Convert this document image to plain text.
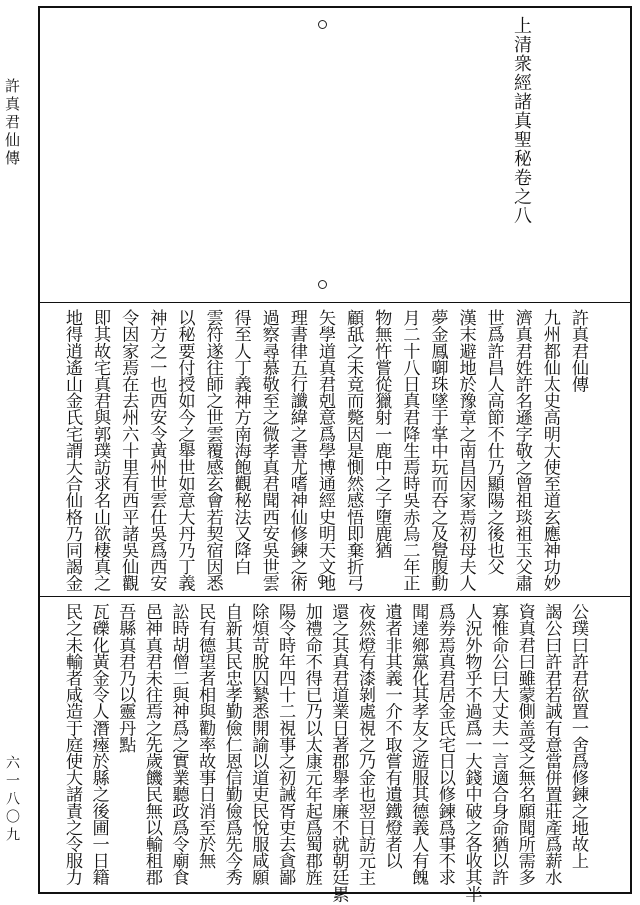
許真君仙傳
六一八〇九
上清衆經諸真聖秘卷之八
許真君仙傳
九州都仙太史高明大使至道玄應神功妙
濟真君姓許名遜字敬之曾祖琰祖玉父肅
世爲許昌人高節不仕乃顯陽之後也父
漢末避地於豫章之南昌因家焉初母夫人
夢金鳳啣珠墜于掌中玩而吞之及覺腹動
月二十八日真君降生焉時吳赤烏二年正
物無忤嘗從獵射一鹿中之子墮鹿猶
顧舐之未竟而斃因是惻然感悟即棄折弓
矢學道真君剋意爲學博通經史明天文地
理書律五行讖緯之書尤嗜神仙修鍊之術
過察尋慕敬至之微孝真君聞西安吳世雲
得至人丁義神方南海飽觀秘法又降白
雲符遂往師之世雲覆感玄會若契宿因悉
以秘要付授如今之舉世如意大丹乃丁義
神方之一也西安令黃州世雲仕吳爲西安
令因家焉在去州六十里有西平諸吳仙觀
即其故宅真君與郭璞訪求名山欲棲真之
地得逍遙山金氏宅謂大合仙格乃同謁金
公璞曰許君欲置一舍爲修鍊之地故上
謁公曰許君若誠有意當併置莊產爲薪水
資真君曰雖蒙側盖受之無名願聞所需多
寡惟命公曰大丈夫一言適合身命猶以許
人況外物乎不過爲一大錢中破之各收其半
爲券焉真君居金氏宅日以修鍊爲事不求
聞達鄉黨化其孝友之遊服其德義人有餽
遺者非其義一介不取嘗有遺鐵燈者以
夜然燈有漆剝處視之乃金也翌日訪元主
還之其真君道業日著郡舉孝廉不就朝廷累
加禮命不得已乃以太康元年起爲蜀郡旌
陽令時年四十二視事之初誡胥吏去貪鄙
除煩苛脫囚縶悉開諭以道吏民悅服咸願
自新其民忠孝勤儉仁恩信勤儉爲先今秀
民有德望者相與勸率故事日消至於無
訟時胡僧二與神爲之實業聽政爲令廟食
邑神真君未往焉之先歲饑民無以輸租郡
吾縣真君乃以靈丹點
瓦礫化黃金令人潛瘞於縣之後圃一日籍
民之未輸者咸造于庭使大諸責之令服力
